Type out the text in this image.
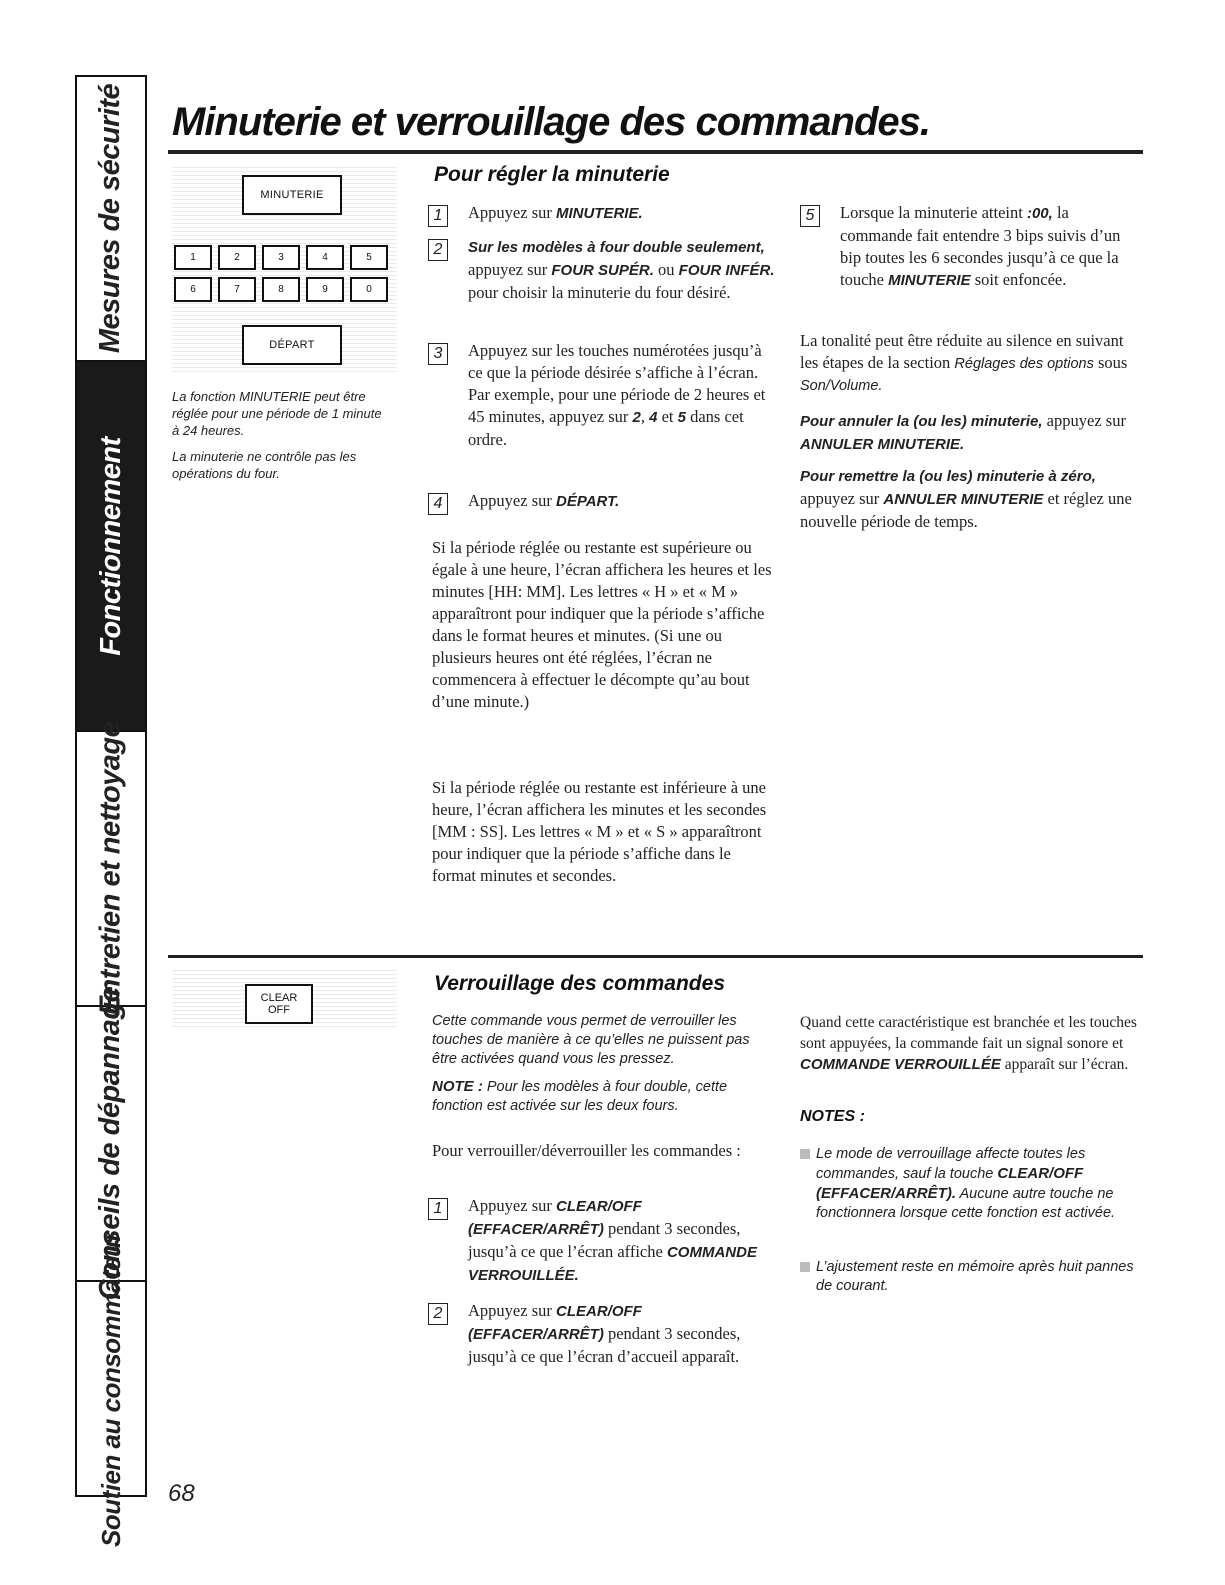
Mesures de sécurité
Fonctionnement
Entretien et nettoyage
Conseils de dépannage
Soutien au consommateur
Minuterie et verrouillage des commandes.
MINUTERIE
1	2	3	4	5
6	7	8	9	0
DÉPART

La fonction MINUTERIE peut être réglée pour une période de 1 minute à 24 heures.

La minuterie ne contrôle pas les opérations du four.

Pour régler la minuterie
1	Appuyez sur MINUTERIE.
2	Sur les modèles à four double seulement, appuyez sur FOUR SUPÉR. ou FOUR INFÉR. pour choisir la minuterie du four désiré.
3	Appuyez sur les touches numérotées jusqu’à ce que la période désirée s’affiche à l’écran. Par exemple, pour une période de 2 heures et 45 minutes, appuyez sur 2, 4 et 5 dans cet ordre.
4	Appuyez sur DÉPART.

Si la période réglée ou restante est supérieure ou égale à une heure, l’écran affichera les heures et les minutes [HH: MM]. Les lettres « H » et « M » apparaîtront pour indiquer que la période s’affiche dans le format heures et minutes. (Si une ou plusieurs heures ont été réglées, l’écran ne commencera à effectuer le décompte qu’au bout d’une minute.)

Si la période réglée ou restante est inférieure à une heure, l’écran affichera les minutes et les secondes [MM : SS]. Les lettres « M » et « S » apparaîtront pour indiquer que la période s’affiche dans le format minutes et secondes.

5	Lorsque la minuterie atteint :00, la commande fait entendre 3 bips suivis d’un bip toutes les 6 secondes jusqu’à ce que la touche MINUTERIE soit enfoncée.

La tonalité peut être réduite au silence en suivant les étapes de la section Réglages des options sous Son/Volume.

Pour annuler la (ou les) minuterie, appuyez sur ANNULER MINUTERIE.

Pour remettre la (ou les) minuterie à zéro, appuyez sur ANNULER MINUTERIE et réglez une nouvelle période de temps.

CLEAR
OFF
Verrouillage des commandes

Cette commande vous permet de verrouiller les touches de manière à ce qu’elles ne puissent pas être activées quand vous les pressez.

NOTE : Pour les modèles à four double, cette fonction est activée sur les deux fours.

Pour verrouiller/déverrouiller les commandes :

1	Appuyez sur CLEAR/OFF (EFFACER/ARRÊT) pendant 3 secondes, jusqu’à ce que l’écran affiche COMMANDE VERROUILLÉE.
2	Appuyez sur CLEAR/OFF (EFFACER/ARRÊT) pendant 3 secondes, jusqu’à ce que l’écran d’accueil apparaît.

Quand cette caractéristique est branchée et les touches sont appuyées, la commande fait un signal sonore et COMMANDE VERROUILLÉE apparaît sur l’écran.

NOTES :

Le mode de verrouillage affecte toutes les commandes, sauf la touche CLEAR/OFF (EFFACER/ARRÊT). Aucune autre touche ne fonctionnera lorsque cette fonction est activée.
L’ajustement reste en mémoire après huit pannes de courant.
68
